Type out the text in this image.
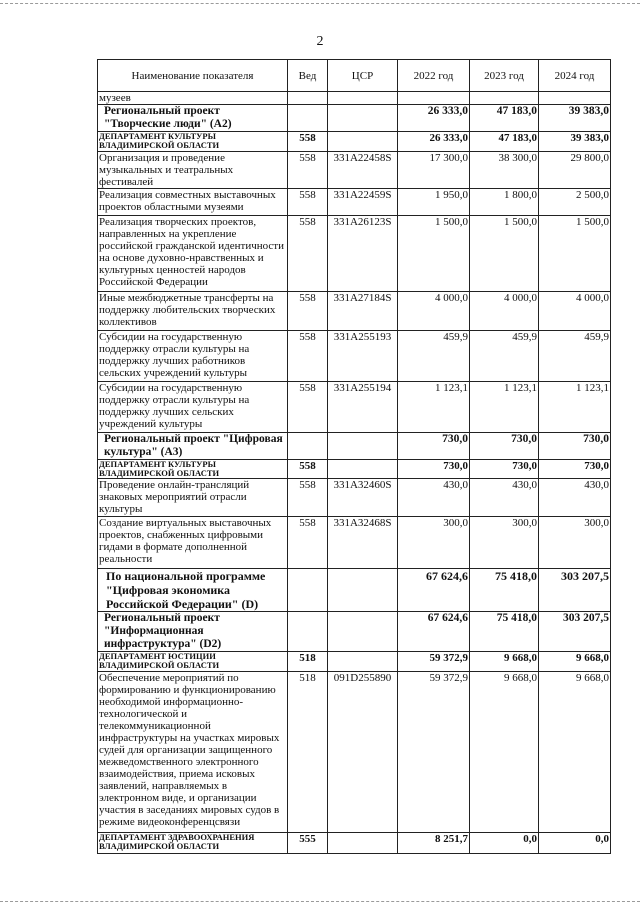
2
Наименование показателя	Вед	ЦСР	2022 год	2023 год	2024 год
музеев					
Региональный проект "Творческие люди" (А2)			26 333,0	47 183,0	39 383,0
ДЕПАРТАМЕНТ КУЛЬТУРЫ ВЛАДИМИРСКОЙ ОБЛАСТИ	558		26 333,0	47 183,0	39 383,0
Организация и проведение музыкальных и театральных фестивалей	558	331А22458S	17 300,0	38 300,0	29 800,0
Реализация совместных выставочных проектов областными музеями	558	331А22459S	1 950,0	1 800,0	2 500,0
Реализация творческих проектов, направленных на укрепление российской гражданской идентичности на основе духовно-нравственных и культурных ценностей народов Российской Федерации	558	331А26123S	1 500,0	1 500,0	1 500,0
Иные межбюджетные трансферты на поддержку любительских творческих коллективов	558	331А27184S	4 000,0	4 000,0	4 000,0
Субсидии на государственную поддержку отрасли культуры на поддержку лучших работников сельских учреждений культуры	558	331А255193	459,9	459,9	459,9
Субсидии на государственную поддержку отрасли культуры на поддержку лучших сельских учреждений культуры	558	331А255194	1 123,1	1 123,1	1 123,1
Региональный проект "Цифровая культура" (А3)			730,0	730,0	730,0
ДЕПАРТАМЕНТ КУЛЬТУРЫ ВЛАДИМИРСКОЙ ОБЛАСТИ	558		730,0	730,0	730,0
Проведение онлайн-трансляций знаковых мероприятий отрасли культуры	558	331А32460S	430,0	430,0	430,0
Создание виртуальных выставочных проектов, снабженных цифровыми гидами в формате дополненной реальности	558	331А32468S	300,0	300,0	300,0
По национальной программе "Цифровая экономика Российской Федерации" (D)			67 624,6	75 418,0	303 207,5
Региональный проект "Информационная инфраструктура" (D2)			67 624,6	75 418,0	303 207,5
ДЕПАРТАМЕНТ ЮСТИЦИИ ВЛАДИМИРСКОЙ ОБЛАСТИ	518		59 372,9	9 668,0	9 668,0
Обеспечение мероприятий по формированию и функционированию необходимой информационно-технологической и телекоммуникационной инфраструктуры на участках мировых судей для организации защищенного межведомственного электронного взаимодействия, приема исковых заявлений, направляемых в электронном виде, и организации участия в заседаниях мировых судов в режиме видеоконференцсвязи	518	091D255890	59 372,9	9 668,0	9 668,0
ДЕПАРТАМЕНТ ЗДРАВООХРАНЕНИЯ ВЛАДИМИРСКОЙ ОБЛАСТИ	555		8 251,7	0,0	0,0
